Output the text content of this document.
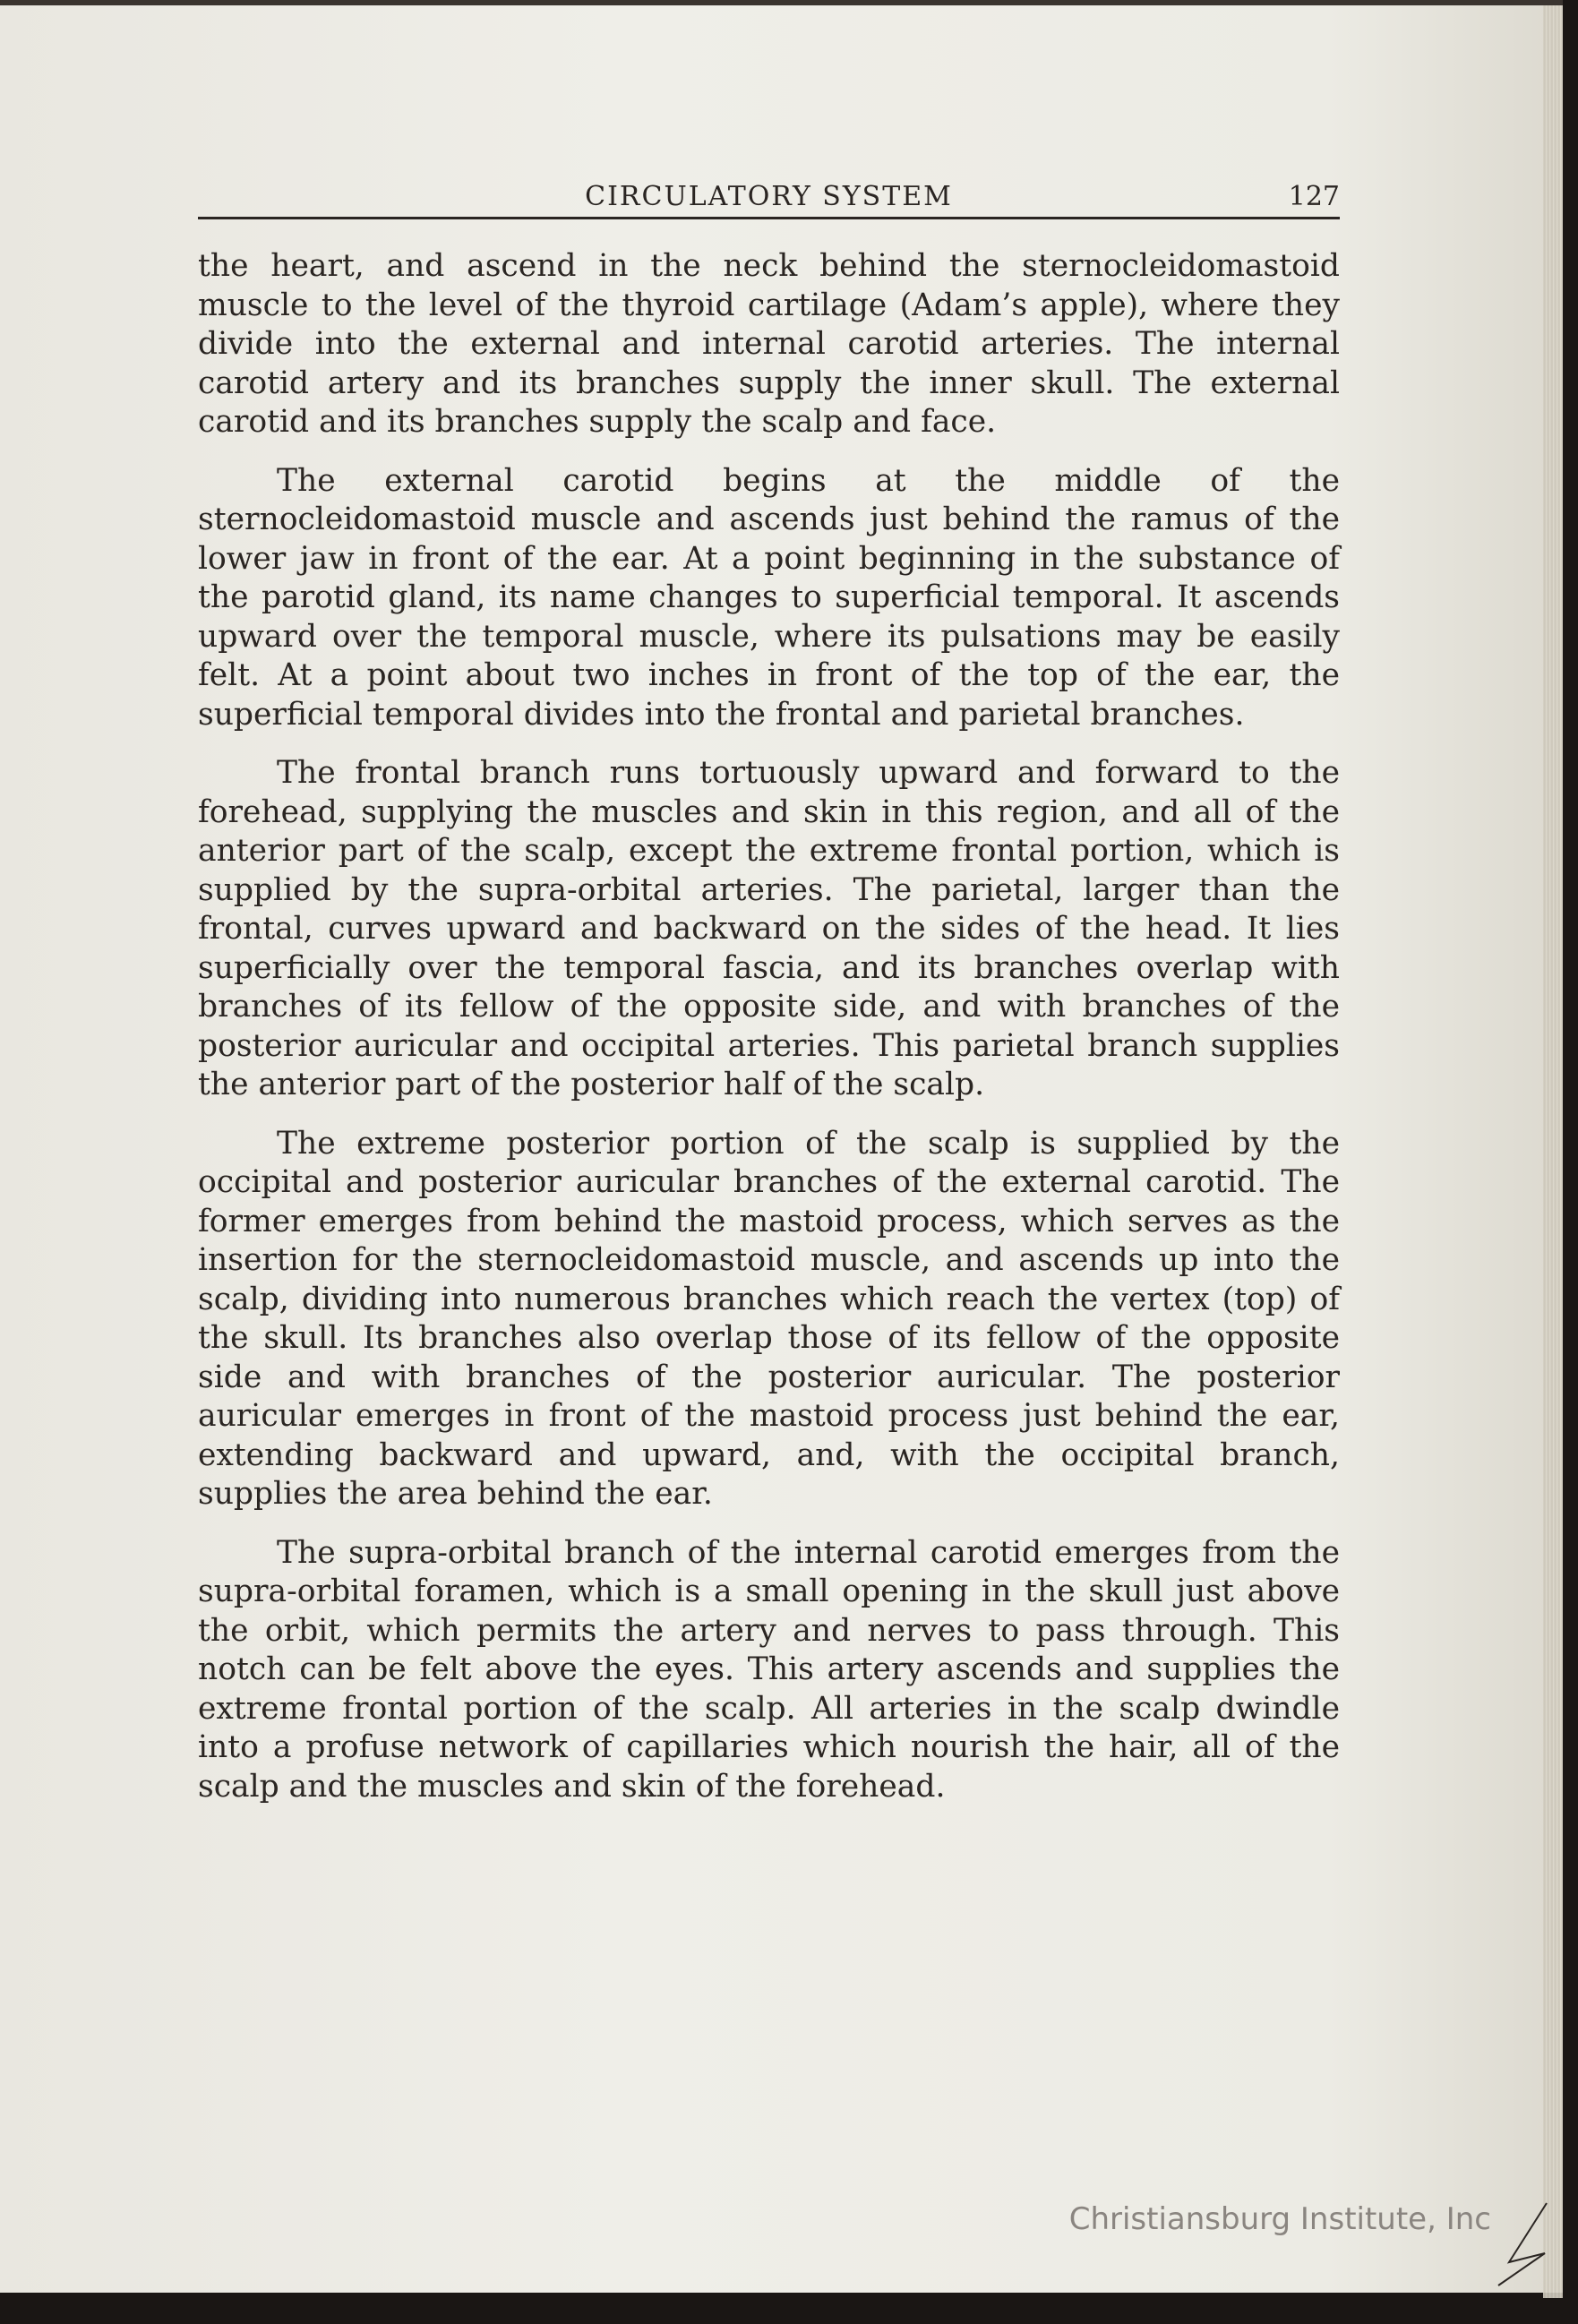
CIRCULATORY SYSTEM	127

the heart, and ascend in the neck behind the sternocleidomastoid muscle to the level of the thyroid cartilage (Adam’s apple), where they divide into the external and internal carotid arteries. The internal carotid artery and its branches supply the inner skull. The external carotid and its branches supply the scalp and face.

The external carotid begins at the middle of the sternocleidomastoid muscle and ascends just behind the ramus of the lower jaw in front of the ear. At a point beginning in the substance of the parotid gland, its name changes to superficial temporal. It ascends upward over the temporal muscle, where its pulsations may be easily felt. At a point about two inches in front of the top of the ear, the superficial temporal divides into the frontal and parietal branches.

The frontal branch runs tortuously upward and forward to the forehead, supplying the muscles and skin in this region, and all of the anterior part of the scalp, except the extreme frontal portion, which is supplied by the supra-orbital arteries. The parietal, larger than the frontal, curves upward and backward on the sides of the head. It lies superficially over the temporal fascia, and its branches overlap with branches of its fellow of the opposite side, and with branches of the posterior auricular and occipital arteries. This parietal branch supplies the anterior part of the posterior half of the scalp.

The extreme posterior portion of the scalp is supplied by the occipital and posterior auricular branches of the external carotid. The former emerges from behind the mastoid process, which serves as the insertion for the sternocleidomastoid muscle, and ascends up into the scalp, dividing into numerous branches which reach the vertex (top) of the skull. Its branches also overlap those of its fellow of the opposite side and with branches of the posterior auricular. The posterior auricular emerges in front of the mastoid process just behind the ear, extending backward and upward, and, with the occipital branch, supplies the area behind the ear.

The supra-orbital branch of the internal carotid emerges from the supra-orbital foramen, which is a small opening in the skull just above the orbit, which permits the artery and nerves to pass through. This notch can be felt above the eyes. This artery ascends and supplies the extreme frontal portion of the scalp. All arteries in the scalp dwindle into a profuse network of capillaries which nourish the hair, all of the scalp and the muscles and skin of the forehead.

Christiansburg Institute, Inc
